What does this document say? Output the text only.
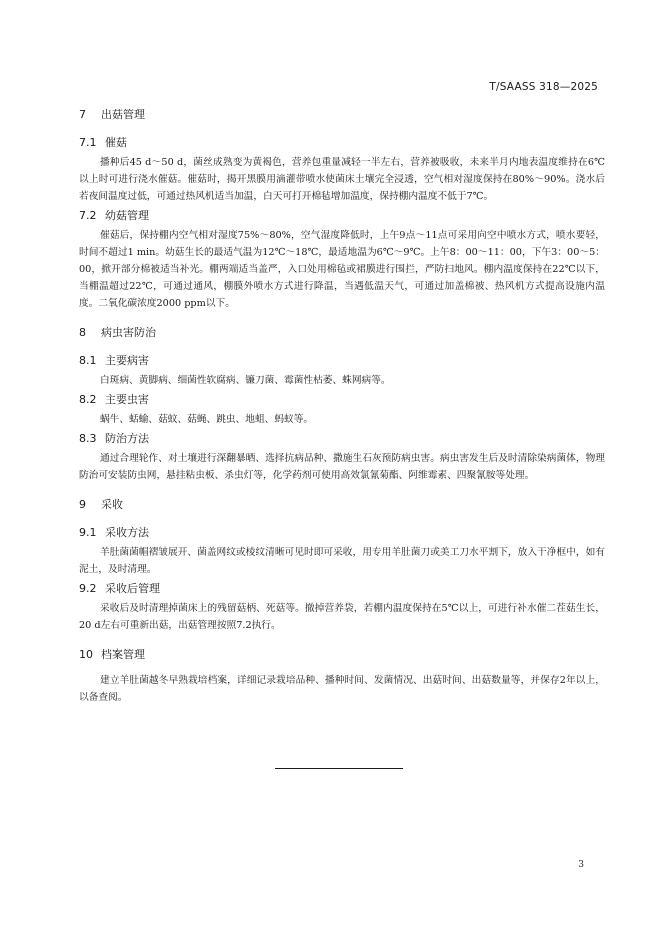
T/SAASS 318—2025
7 出菇管理
7.1 催菇

播种后45 d～50 d，菌丝成熟变为黄褐色，营养包重量减轻一半左右，营养被吸收，未来半月内地表温度维持在6℃以上时可进行浇水催菇。催菇时，揭开黑膜用滴灌带喷水使菌床土壤完全浸透，空气相对湿度保持在80%～90%。浇水后若夜间温度过低，可通过热风机适当加温，白天可打开棉毡增加温度，保持棚内温度不低于7℃。

7.2 幼菇管理

催菇后，保持棚内空气相对湿度75%～80%，空气湿度降低时，上午9点～11点可采用向空中喷水方式，喷水要轻，时间不超过1 min。幼菇生长的最适气温为12℃～18℃，最适地温为6℃～9℃。上午8：00～11：00，下午3：00～5：00，掀开部分棉被适当补光。棚两端适当盖严，入口处用棉毡或裙膜进行围拦，严防扫地风。棚内温度保持在22℃以下，当棚温超过22℃，可通过通风，棚膜外喷水方式进行降温，当遇低温天气，可通过加盖棉被、热风机方式提高设施内温度。二氧化碳浓度2000 ppm以下。

8 病虫害防治
8.1 主要病害

白斑病、黄脚病、细菌性软腐病、镰刀菌、霉菌性枯萎、蛛网病等。

8.2 主要虫害

蜗牛、蛞蝓、菇蚊、菇蝇、跳虫、地蛆、蚂蚁等。

8.3 防治方法

通过合理轮作、对土壤进行深翻暴晒、选择抗病品种、撒施生石灰预防病虫害。病虫害发生后及时清除染病菌体，物理防治可安装防虫网，悬挂粘虫板、杀虫灯等，化学药剂可使用高效氯氰菊酯、阿维霉素、四聚氰胺等处理。

9 采收
9.1 采收方法

羊肚菌菌帽褶皱展开、菌盖网纹或棱纹清晰可见时即可采收，用专用羊肚菌刀或美工刀水平割下，放入干净框中，如有泥土，及时清理。

9.2 采收后管理

采收后及时清理掉菌床上的残留菇柄、死菇等。撤掉营养袋，若棚内温度保持在5℃以上，可进行补水催二茬菇生长，20 d左右可重新出菇，出菇管理按照7.2执行。

10 档案管理

建立羊肚菌越冬早熟栽培档案，详细记录栽培品种、播种时间、发菌情况、出菇时间、出菇数量等，并保存2年以上，以备查阅。

3
